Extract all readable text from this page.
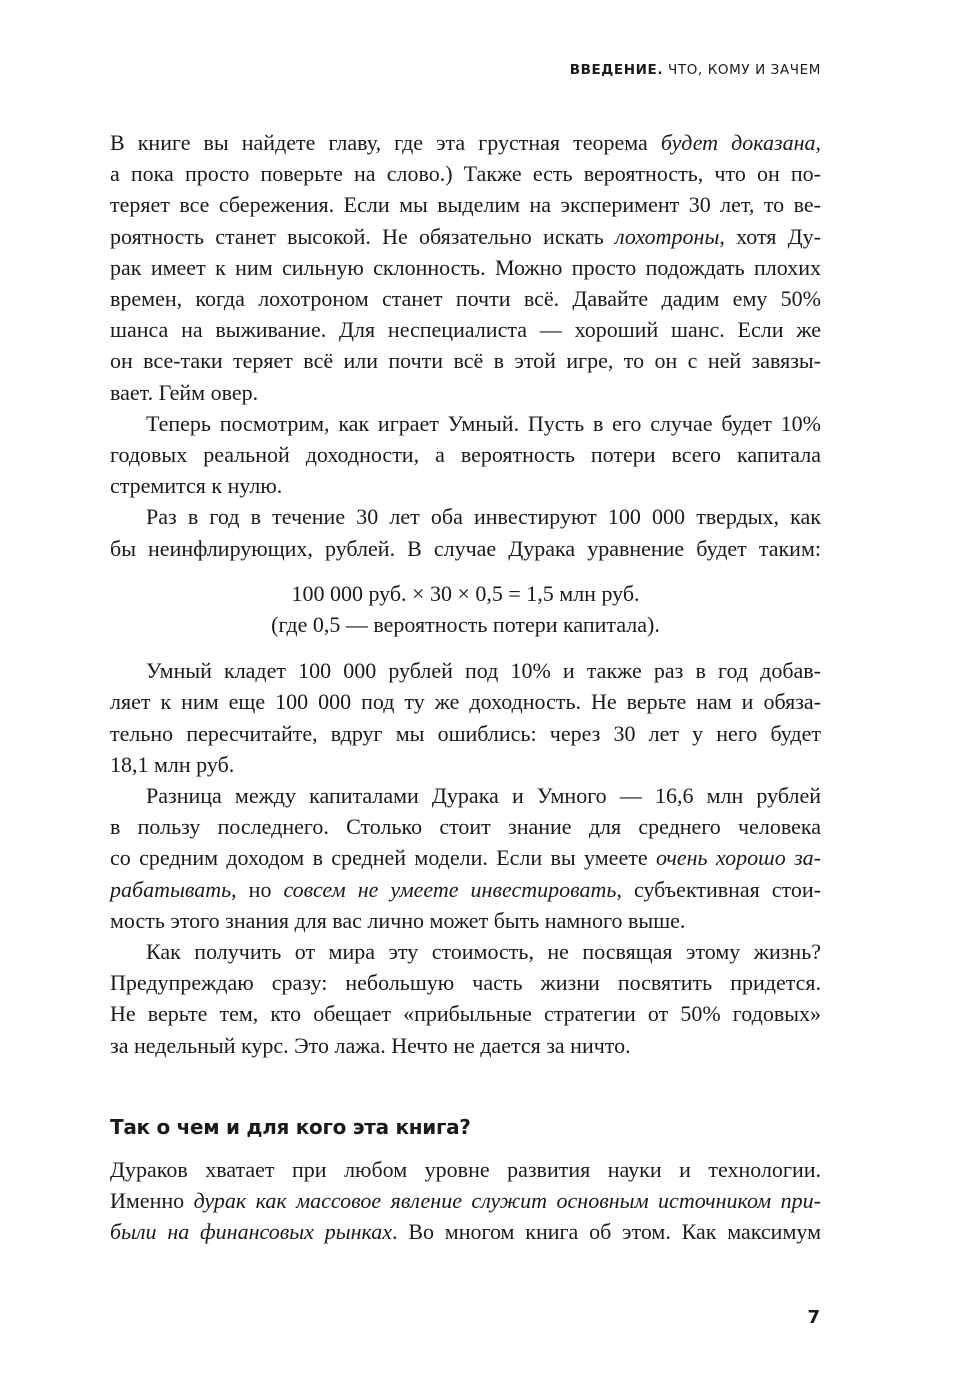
ВВЕДЕНИЕ. ЧТО, КОМУ И ЗАЧЕМ

В книге вы найдете главу, где эта грустная теорема будет доказана,
а пока просто поверьте на слово.) Также есть вероятность, что он по-
теряет все сбережения. Если мы выделим на эксперимент 30 лет, то ве-
роятность станет высокой. Не обязательно искать лохотроны, хотя Ду-
рак имеет к ним сильную склонность. Можно просто подождать плохих
времен, когда лохотроном станет почти всё. Давайте дадим ему 50%
шанса на выживание. Для неспециалиста — хороший шанс. Если же
он все-таки теряет всё или почти всё в этой игре, то он с ней завязы-
вает. Гейм овер.

Теперь посмотрим, как играет Умный. Пусть в его случае будет 10%
годовых реальной доходности, а вероятность потери всего капитала
стремится к нулю.

Раз в год в течение 30 лет оба инвестируют 100 000 твердых, как
бы неинфлирующих, рублей. В случае Дурака уравнение будет таким:

100 000 руб. × 30 × 0,5 = 1,5 млн руб.
(где 0,5 — вероятность потери капитала).

Умный кладет 100 000 рублей под 10% и также раз в год добав-
ляет к ним еще 100 000 под ту же доходность. Не верьте нам и обяза-
тельно пересчитайте, вдруг мы ошиблись: через 30 лет у него будет
18,1 млн руб.

Разница между капиталами Дурака и Умного — 16,6 млн рублей
в пользу последнего. Столько стоит знание для среднего человека
со средним доходом в средней модели. Если вы умеете очень хорошо за-
рабатывать, но совсем не умеете инвестировать, субъективная стои-
мость этого знания для вас лично может быть намного выше.

Как получить от мира эту стоимость, не посвящая этому жизнь?
Предупреждаю сразу: небольшую часть жизни посвятить придется.
Не верьте тем, кто обещает «прибыльные стратегии от 50% годовых»
за недельный курс. Это лажа. Нечто не дается за ничто.

Так о чем и для кого эта книга?

Дураков хватает при любом уровне развития науки и технологии.
Именно дурак как массовое явление служит основным источником при-
были на финансовых рынках. Во многом книга об этом. Как максимум

7
